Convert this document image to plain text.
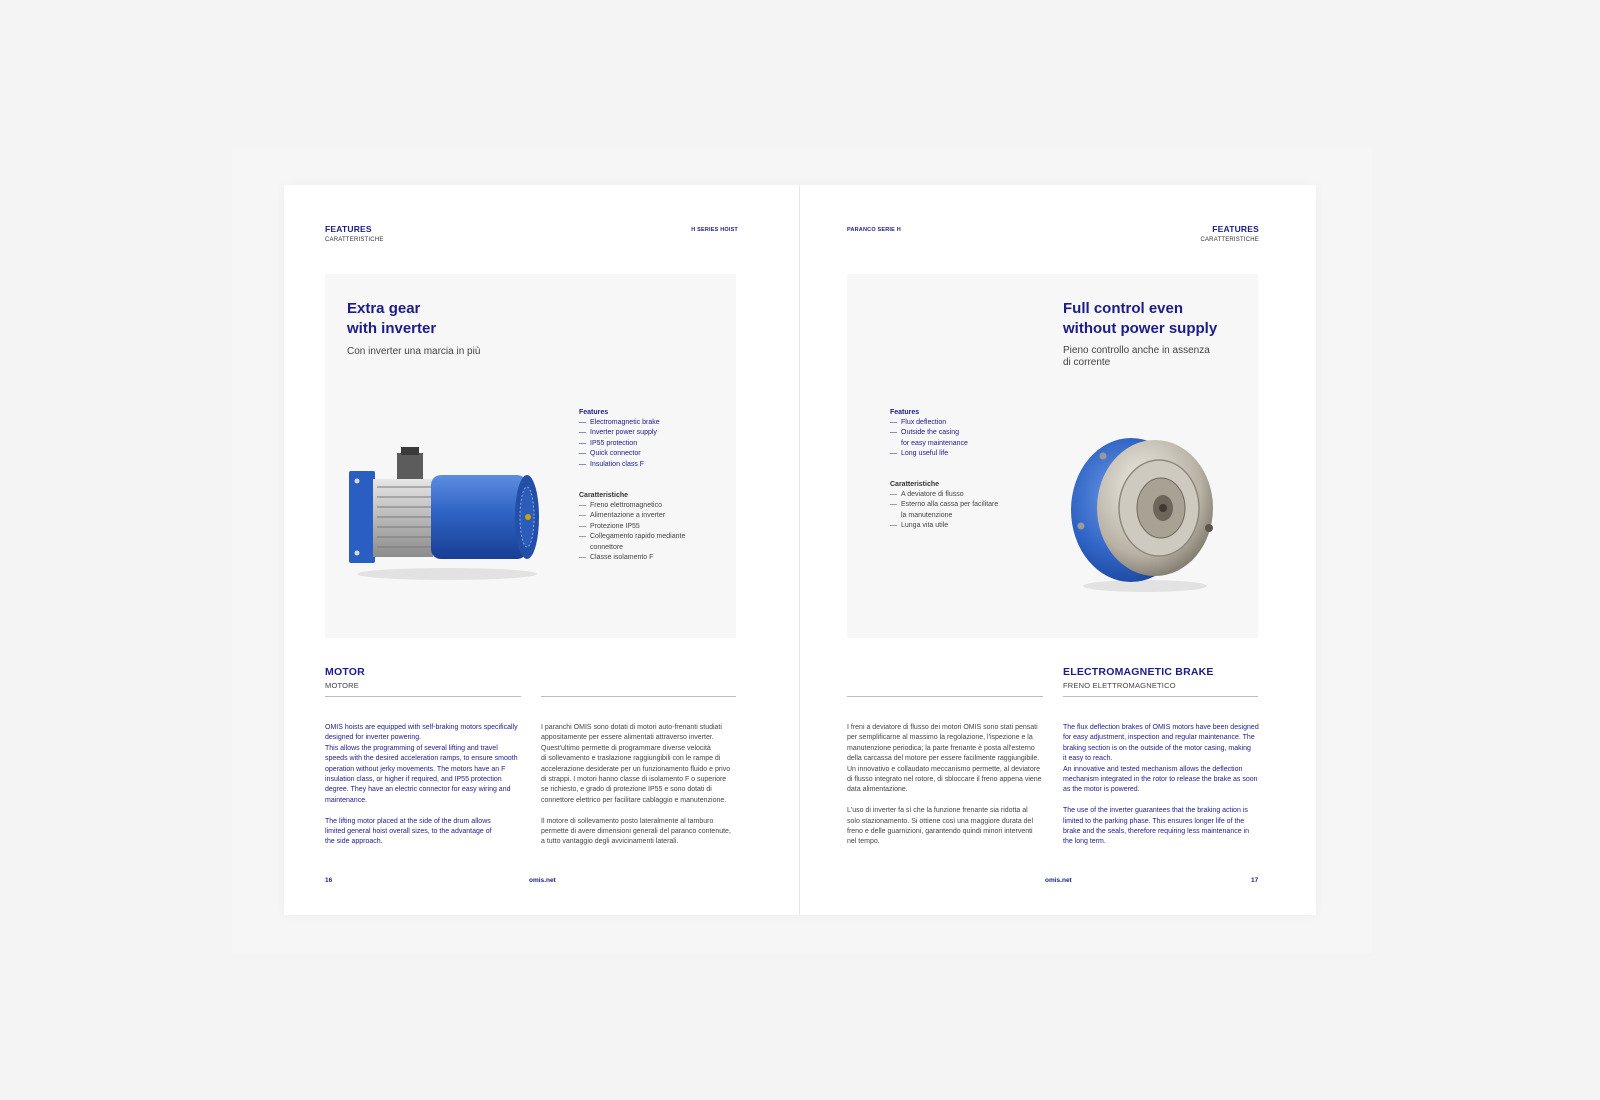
FEATURES
CARATTERISTICHE
H SERIES HOIST
Extra gear
with inverter
Con inverter una marcia in più
Features
— Electromagnetic brake
— Inverter power supply
— IP55 protection
— Quick connector
— Insulation class F
Caratteristiche
— Freno elettromagnetico
— Alimentazione a inverter
— Protezione IP55
— Collegamento rapido mediante
connettore
— Classe isolamento F
MOTOR
MOTORE

OMIS hoists are equipped with self-braking motors specifically
designed for inverter powering.
This allows the programming of several lifting and travel
speeds with the desired acceleration ramps, to ensure smooth
operation without jerky movements. The motors have an F
insulation class, or higher if required, and IP55 protection
degree. They have an electric connector for easy wiring and
maintenance.

The lifting motor placed at the side of the drum allows
limited general hoist overall sizes, to the advantage of
the side approach.

I paranchi OMIS sono dotati di motori auto-frenanti studiati
appositamente per essere alimentati attraverso inverter.
Quest'ultimo permette di programmare diverse velocità
di sollevamento e traslazione raggiungibili con le rampe di
accelerazione desiderate per un funzionamento fluido e privo
di strappi. I motori hanno classe di isolamento F o superiore
se richiesto, e grado di protezione IP55 e sono dotati di
connettore elettrico per facilitare cablaggio e manutenzione.

Il motore di sollevamento posto lateralmente al tamburo
permette di avere dimensioni generali del paranco contenute,
a tutto vantaggio degli avvicinamenti laterali.

16	omis.net
PARANCO SERIE H	FEATURES
CARATTERISTICHE
Full control even
without power supply
Pieno controllo anche in assenza
di corrente
Features
— Flux deflection
— Outside the casing
for easy maintenance
— Long useful life
Caratteristiche
— A deviatore di flusso
— Esterno alla cassa per facilitare
la manutenzione
— Lunga vita utile
ELECTROMAGNETIC BRAKE
FRENO ELETTROMAGNETICO

I freni a deviatore di flusso dei motori OMIS sono stati pensati
per semplificarne al massimo la regolazione, l'ispezione e la
manutenzione periodica; la parte frenante è posta all'esterno
della carcassa del motore per essere facilmente raggiungibile.
Un innovativo e collaudato meccanismo permette, al deviatore
di flusso integrato nel rotore, di sbloccare il freno appena viene
data alimentazione.

L'uso di inverter fa sì che la funzione frenante sia ridotta al
solo stazionamento. Si ottiene così una maggiore durata del
freno e delle guarnizioni, garantendo quindi minori interventi
nel tempo.

The flux deflection brakes of OMIS motors have been designed
for easy adjustment, inspection and regular maintenance. The
braking section is on the outside of the motor casing, making
it easy to reach.
An innovative and tested mechanism allows the deflection
mechanism integrated in the rotor to release the brake as soon
as the motor is powered.

The use of the inverter guarantees that the braking action is
limited to the parking phase. This ensures longer life of the
brake and the seals, therefore requiring less maintenance in
the long term.

omis.net	17
